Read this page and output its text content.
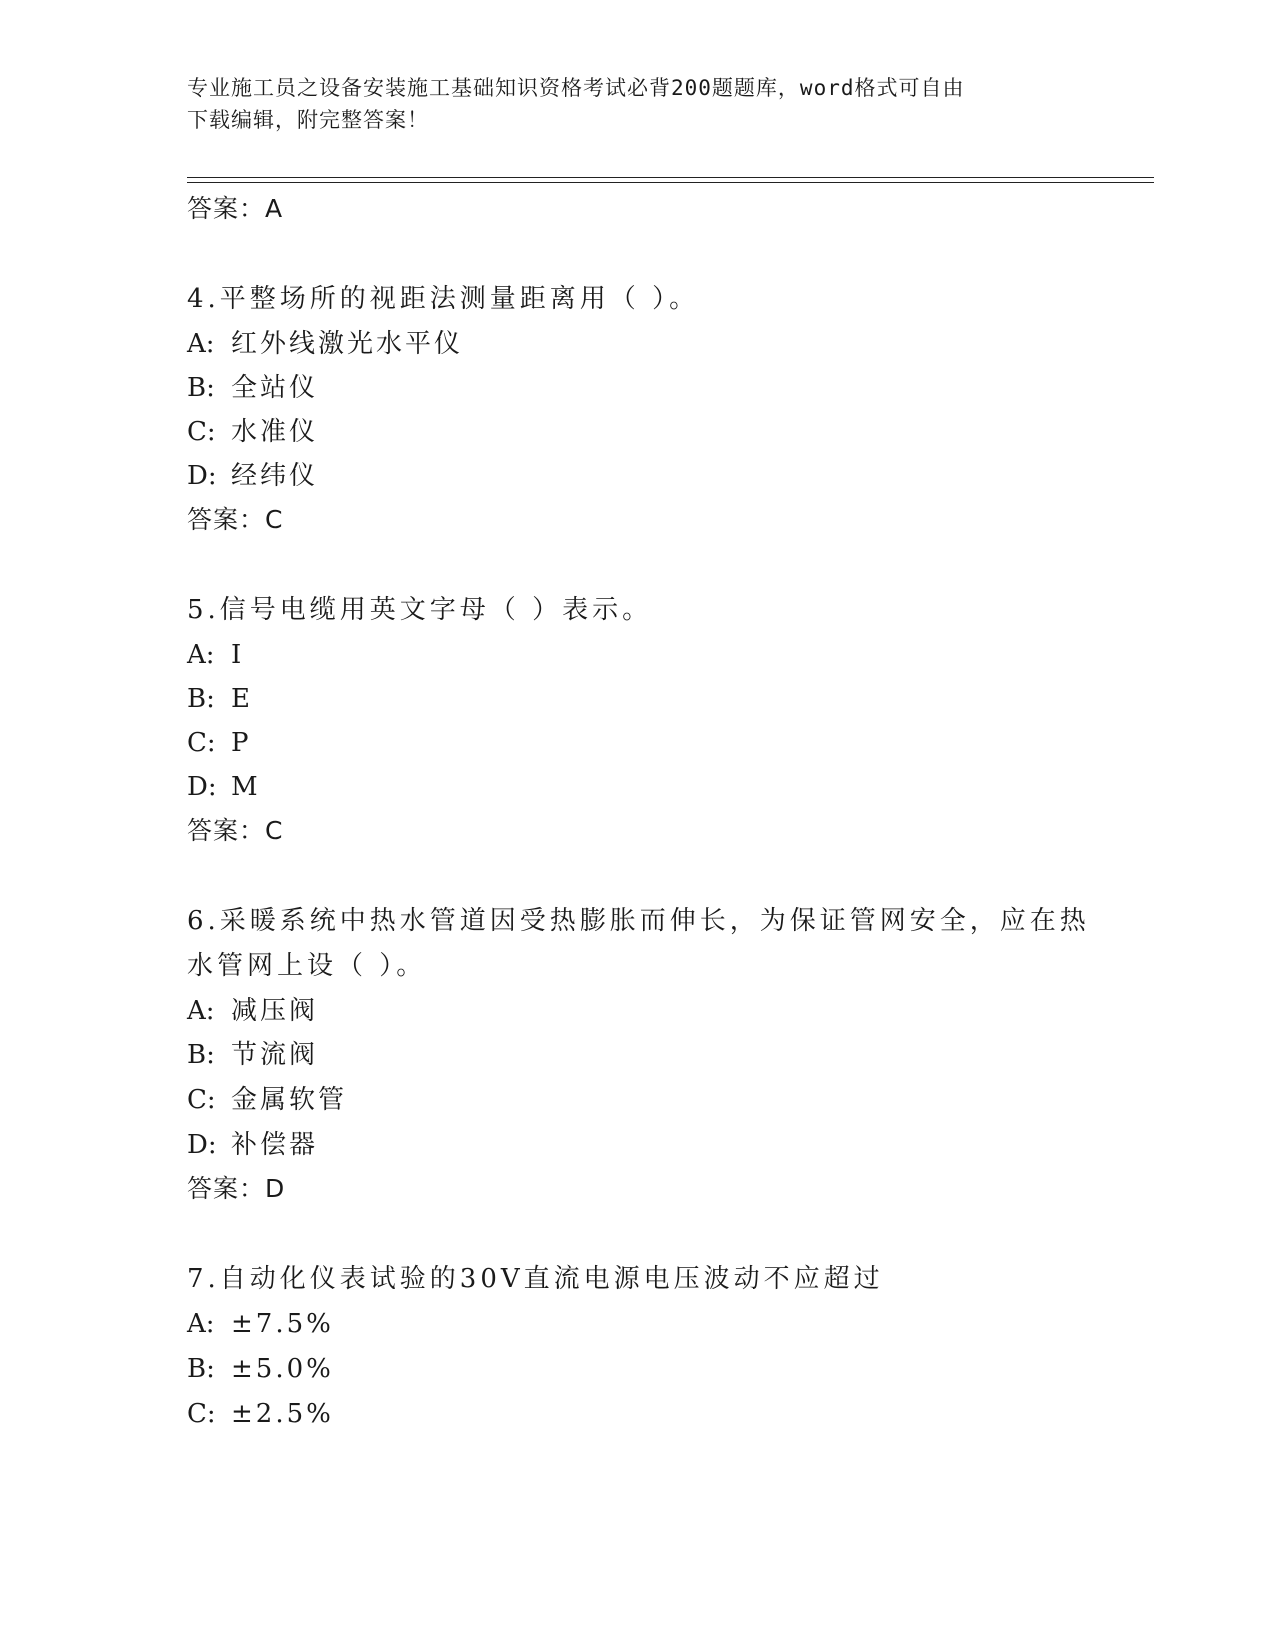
专业施工员之设备安装施工基础知识资格考试必背200题题库，word格式可自由
下载编辑，附完整答案！
答案：A
4.平整场所的视距法测量距离用（ ）。
A: 红外线激光水平仪
B: 全站仪
C: 水准仪
D: 经纬仪
答案：C
5.信号电缆用英文字母（ ）表示。
A: I
B: E
C: P
D: M
答案：C
6.采暖系统中热水管道因受热膨胀而伸长，为保证管网安全，应在热
水管网上设（ ）。
A: 减压阀
B: 节流阀
C: 金属软管
D: 补偿器
答案：D
7.自动化仪表试验的30V直流电源电压波动不应超过
A: ±7.5%
B: ±5.0%
C: ±2.5%
